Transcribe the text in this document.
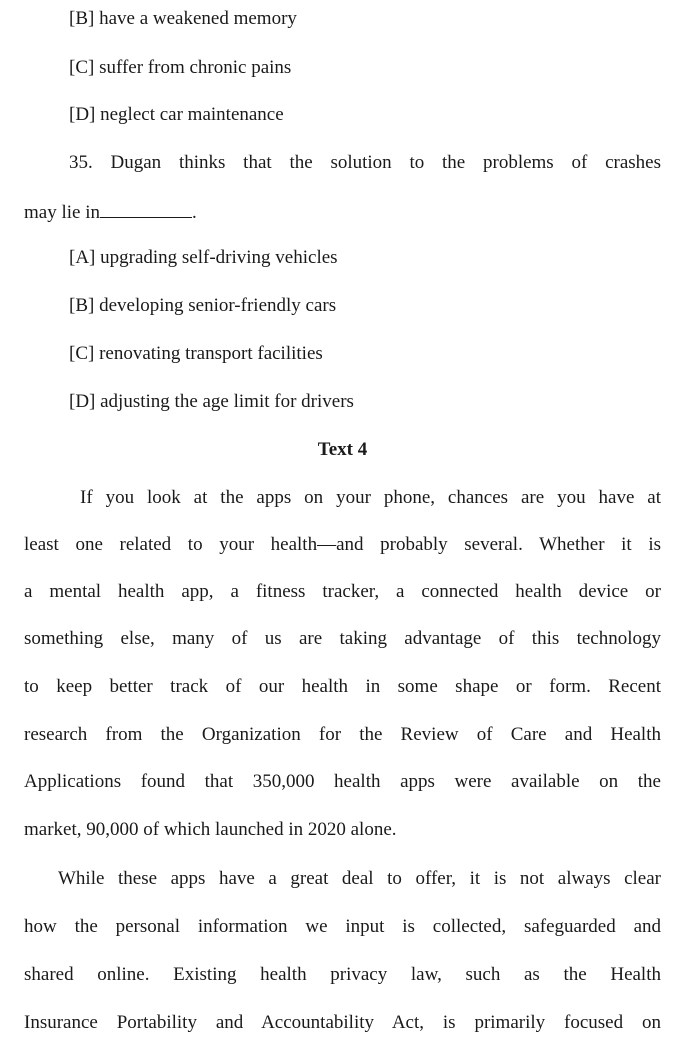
[B] have a weakened memory
[C] suffer from chronic pains
[D] neglect car maintenance
35. Dugan thinks that the solution to the problems of crashes
may lie in	.
[A] upgrading self-driving vehicles
[B] developing senior-friendly cars
[C] renovating transport facilities
[D] adjusting the age limit for drivers
Text 4
If you look at the apps on your phone, chances are you have at
least one related to your health—and probably several. Whether it is
a mental health app, a fitness tracker, a connected health device or
something else, many of us are taking advantage of this technology
to keep better track of our health in some shape or form. Recent
research from the Organization for the Review of Care and Health
Applications found that 350,000 health apps were available on the
market, 90,000 of which launched in 2020 alone.
While these apps have a great deal to offer, it is not always clear
how the personal information we input is collected, safeguarded and
shared online. Existing health privacy law, such as the Health
Insurance Portability and Accountability Act, is primarily focused on
